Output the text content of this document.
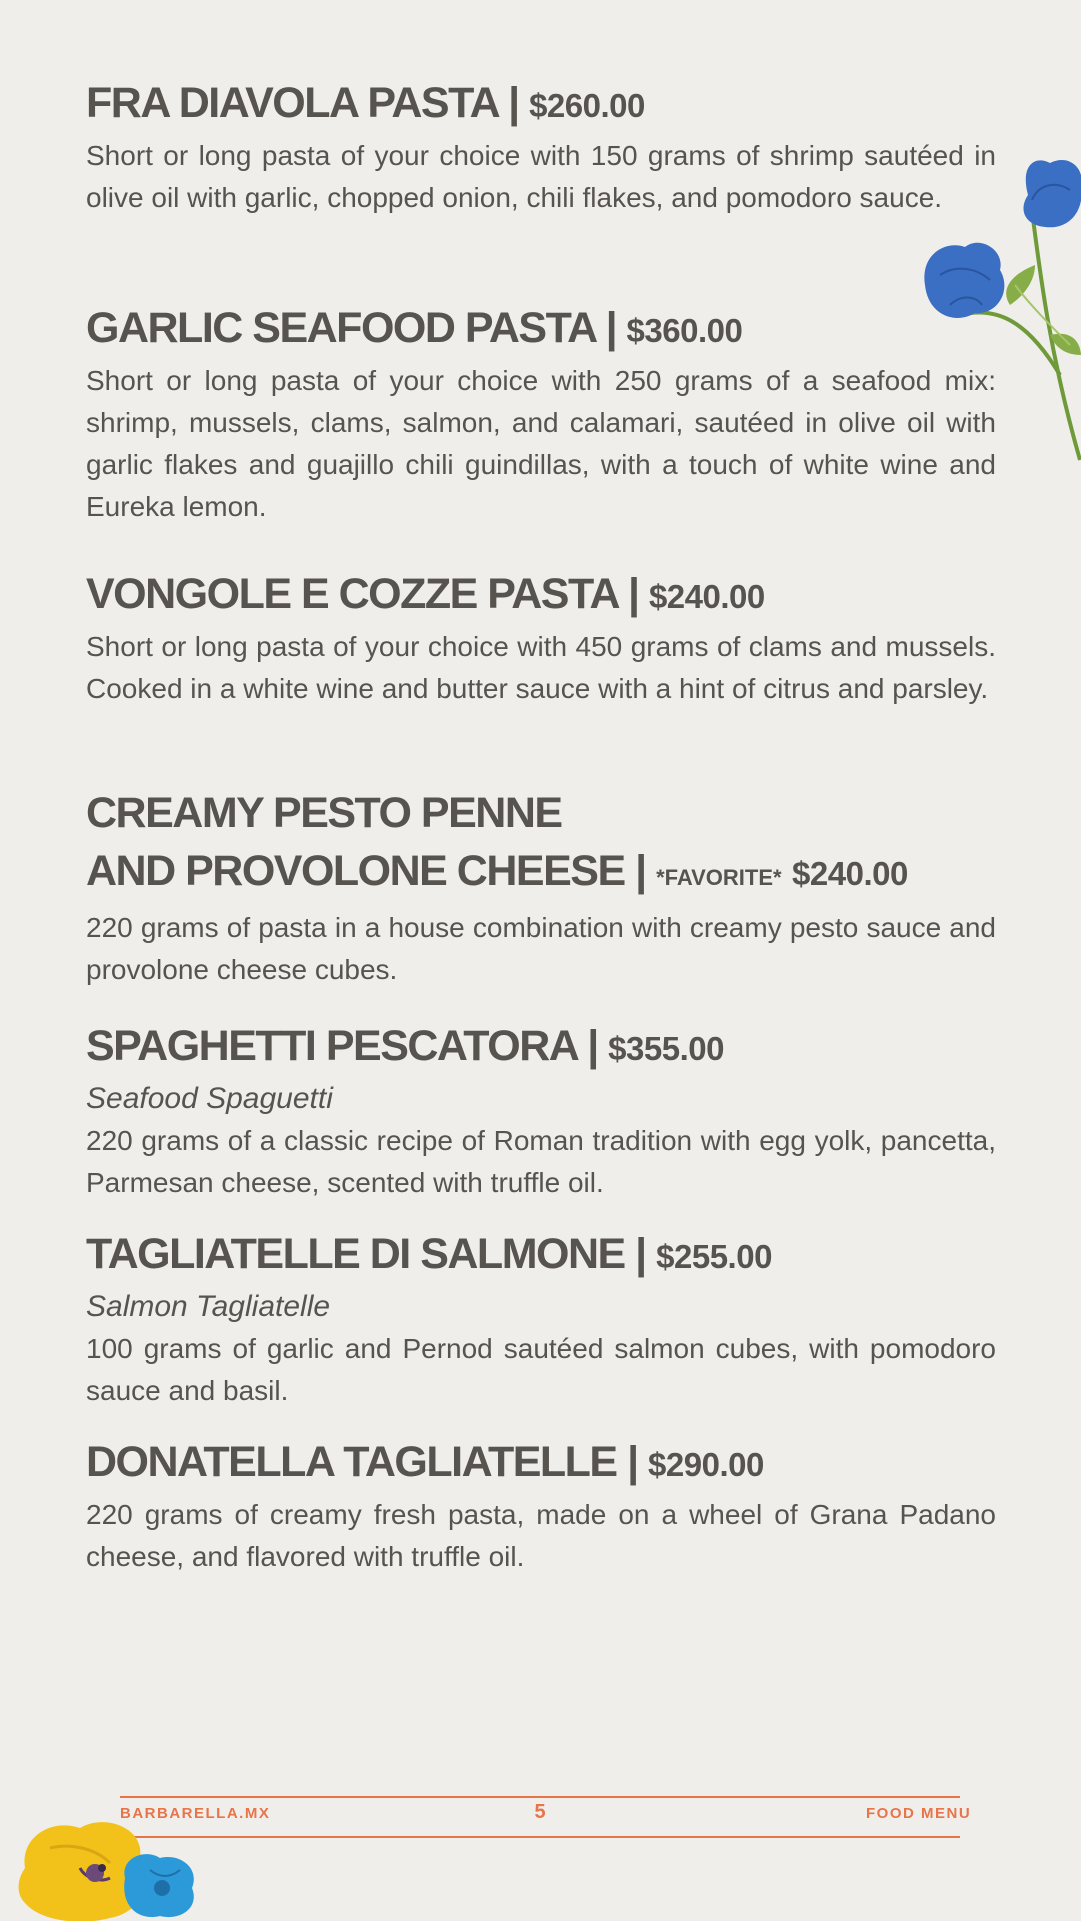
FRA DIAVOLA PASTA | $260.00

Short or long pasta of your choice with 150 grams of shrimp sautéed in olive oil with garlic, chopped onion, chili flakes, and pomodoro sauce.

GARLIC SEAFOOD PASTA | $360.00

Short or long pasta of your choice with 250 grams of a seafood mix: shrimp, mussels, clams, salmon, and calamari, sautéed in olive oil with garlic flakes and guajillo chili guindillas, with a touch of white wine and Eureka lemon.

VONGOLE E COZZE PASTA | $240.00

Short or long pasta of your choice with 450 grams of clams and mussels. Cooked in a white wine and butter sauce with a hint of citrus and parsley.

CREAMY PESTO PENNE
AND PROVOLONE CHEESE | *FAVORITE* $240.00

220 grams of pasta in a house combination with creamy pesto sauce and provolone cheese cubes.

SPAGHETTI PESCATORA | $355.00

Seafood Spaguetti

220 grams of a classic recipe of Roman tradition with egg yolk, pancetta, Parmesan cheese, scented with truffle oil.

TAGLIATELLE DI SALMONE | $255.00

Salmon Tagliatelle

100 grams of garlic and Pernod sautéed salmon cubes, with pomodoro sauce and basil.

DONATELLA TAGLIATELLE | $290.00

220 grams of creamy fresh pasta, made on a wheel of Grana Padano cheese, and flavored with truffle oil.

BARBARELLA.MX	5	FOOD MENU
